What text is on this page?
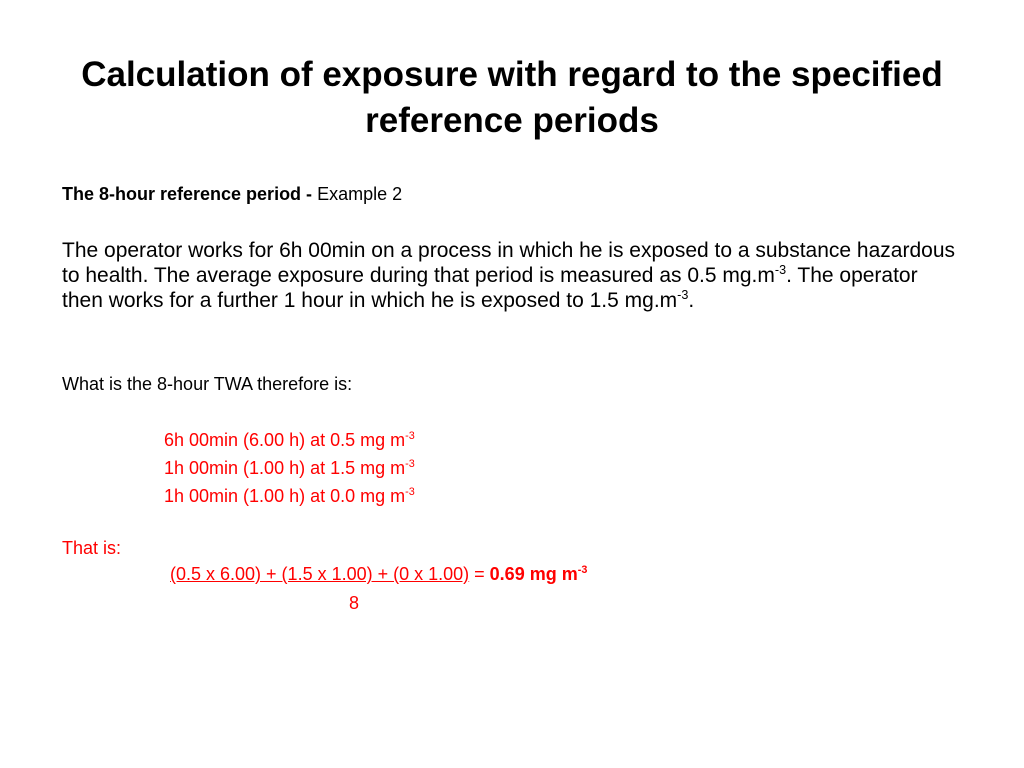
Calculation of exposure with regard to the specified reference periods

The 8-hour reference period - Example 2

The operator works for 6h 00min on a process in which he is exposed to a substance hazardous to health. The average exposure during that period is measured as 0.5 $mg.m^{-3}$. The operator then works for a further 1 hour in which he is exposed to 1.5 $mg.m^{-3}$.

What is the 8-hour TWA therefore is:

6h 00min (6.00 h) at 0.5 mg $m^{-3}$
1h 00min (1.00 h) at 1.5 mg $m^{-3}$
1h 00min (1.00 h) at 0.0 mg $m^{-3}$

That is:

(0.5 x 6.00) + (1.5 x 1.00) + (0 x 1.00) = 0.69 mg $m^{-3}$

8
